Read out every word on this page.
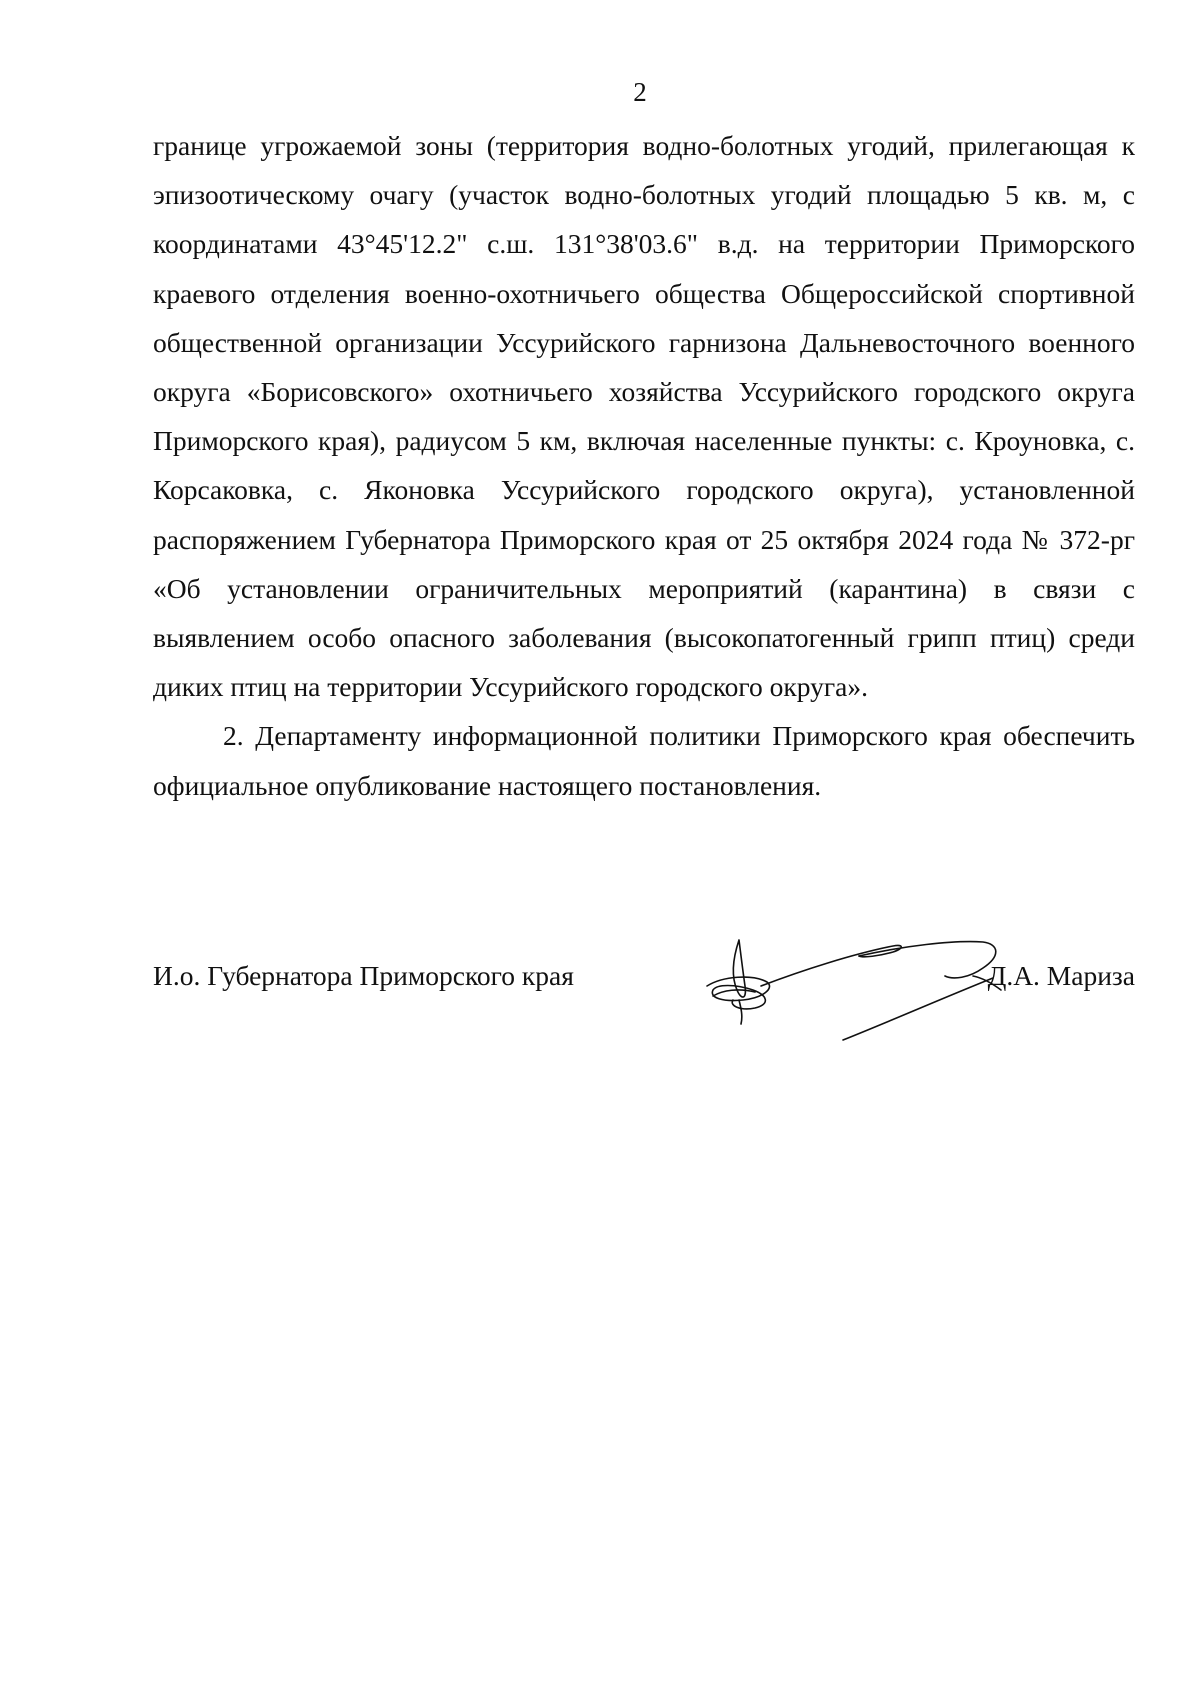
2

границе угрожаемой зоны (территория водно-болотных угодий, прилегающая к эпизоотическому очагу (участок водно-болотных угодий площадью 5 кв. м, с координатами 43°45'12.2" с.ш. 131°38'03.6" в.д. на территории Приморского краевого отделения военно-охотничьего общества Общероссийской спортивной общественной организации Уссурийского гарнизона Дальневосточного военного округа «Борисовского» охотничьего хозяйства Уссурийского городского округа Приморского края), радиусом 5 км, включая населенные пункты: с. Кроуновка, с. Корсаковка, с. Яконовка Уссурийского городского округа), установленной распоряжением Губернатора Приморского края от 25 октября 2024 года № 372-рг «Об установлении ограничительных мероприятий (карантина) в связи с выявлением особо опасного заболевания (высокопатогенный грипп птиц) среди диких птиц на территории Уссурийского городского округа».

2. Департаменту информационной политики Приморского края обеспечить официальное опубликование настоящего постановления.

И.о. Губернатора Приморского края	Д.А. Мариза
